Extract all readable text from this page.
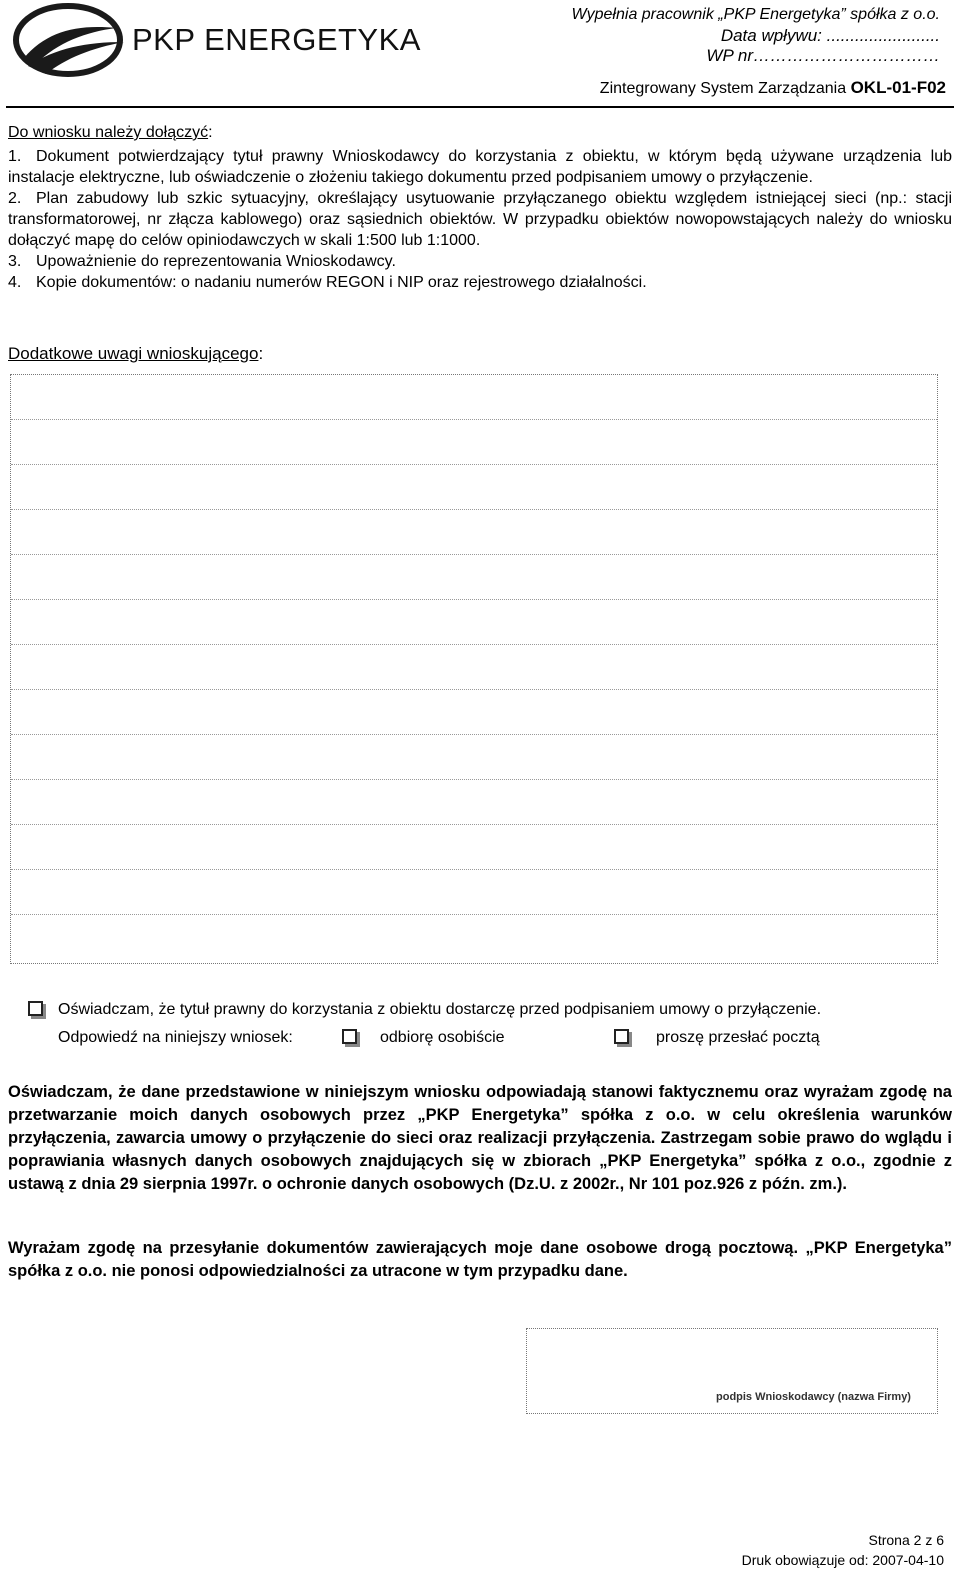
PKP ENERGETYKA
Wypełnia pracownik „PKP Energetyka” spółka z o.o.
Data wpływu: ........................
WP nr……………………………
Zintegrowany System Zarządzania OKL-01-F02
Do wniosku należy dołączyć:
1. Dokument potwierdzający tytuł prawny Wnioskodawcy do korzystania z obiektu, w którym będą używane urządzenia lub instalacje elektryczne, lub oświadczenie o złożeniu takiego dokumentu przed podpisaniem umowy o przyłączenie.
2. Plan zabudowy lub szkic sytuacyjny, określający usytuowanie przyłączanego obiektu względem istniejącej sieci (np.: stacji transformatorowej, nr złącza kablowego) oraz sąsiednich obiektów. W przypadku obiektów nowopowstających należy do wniosku dołączyć mapę do celów opiniodawczych w skali 1:500 lub 1:1000.
3. Upoważnienie do reprezentowania Wnioskodawcy.
4. Kopie dokumentów: o nadaniu numerów REGON i NIP oraz rejestrowego działalności.
Dodatkowe uwagi wnioskującego:
Oświadczam, że tytuł prawny do korzystania z obiektu dostarczę przed podpisaniem umowy o przyłączenie.
Odpowiedź na niniejszy wniosek:	odbiorę osobiście	proszę przesłać pocztą
Oświadczam, że dane przedstawione w niniejszym wniosku odpowiadają stanowi faktycznemu oraz wyrażam zgodę na przetwarzanie moich danych osobowych przez „PKP Energetyka” spółka z o.o. w celu określenia warunków przyłączenia, zawarcia umowy o przyłączenie do sieci oraz realizacji przyłączenia. Zastrzegam sobie prawo do wglądu i poprawiania własnych danych osobowych znajdujących się w zbiorach „PKP Energetyka” spółka z o.o., zgodnie z ustawą z dnia 29 sierpnia 1997r. o ochronie danych osobowych (Dz.U. z 2002r., Nr 101 poz.926 z późn. zm.).
Wyrażam zgodę na przesyłanie dokumentów zawierających moje dane osobowe drogą pocztową. „PKP Energetyka” spółka z o.o. nie ponosi odpowiedzialności za utracone w tym przypadku dane.
podpis Wnioskodawcy (nazwa Firmy)
Strona 2 z 6
Druk obowiązuje od: 2007-04-10
